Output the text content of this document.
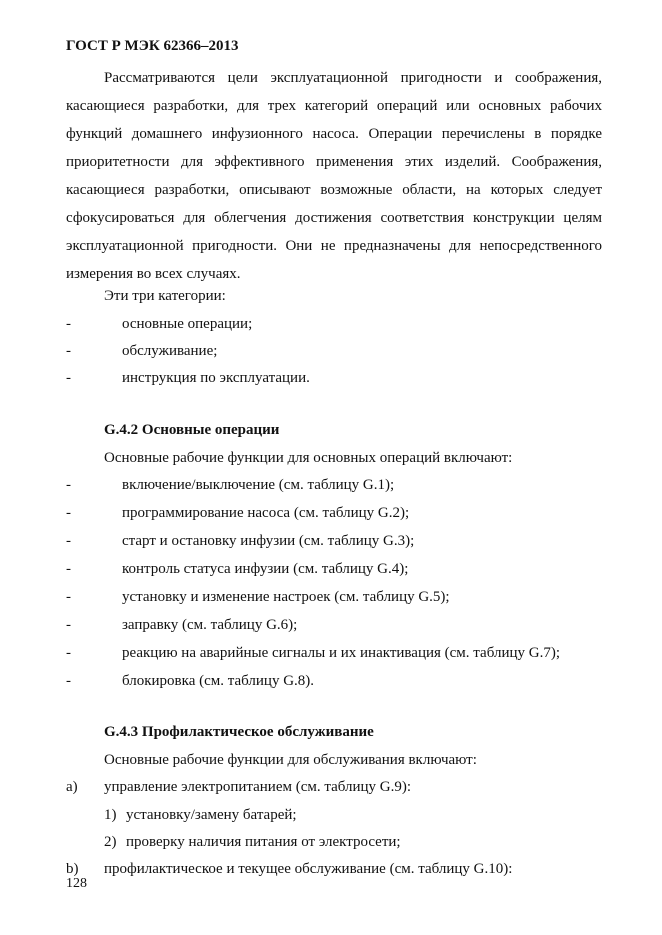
ГОСТ Р МЭК 62366–2013
Рассматриваются цели эксплуатационной пригодности и соображения,
касающиеся разработки, для трех категорий операций или основных рабочих
функций домашнего инфузионного насоса. Операции перечислены в порядке
приоритетности для эффективного применения этих изделий. Соображения,
касающиеся разработки, описывают возможные области, на которых следует
сфокусироваться для облегчения достижения соответствия конструкции целям
эксплуатационной пригодности. Они не предназначены для непосредственного
измерения во всех случаях.
Эти три категории:
-	основные операции;
-	обслуживание;
-	инструкция по эксплуатации.
G.4.2 Основные операции
Основные рабочие функции для основных операций включают:
-	включение/выключение (см. таблицу G.1);
-	программирование насоса (см. таблицу G.2);
-	старт и остановку инфузии (см. таблицу G.3);
-	контроль статуса инфузии (см. таблицу G.4);
-	установку и изменение настроек (см. таблицу G.5);
-	заправку (см. таблицу G.6);
-	реакцию на аварийные сигналы и их инактивация (см. таблицу G.7);
-	блокировка (см. таблицу G.8).
G.4.3 Профилактическое обслуживание
Основные рабочие функции для обслуживания включают:
a) управление электропитанием (см. таблицу G.9):
1) установку/замену батарей;
2) проверку наличия питания от электросети;
b) профилактическое и текущее обслуживание (см. таблицу G.10):
128
